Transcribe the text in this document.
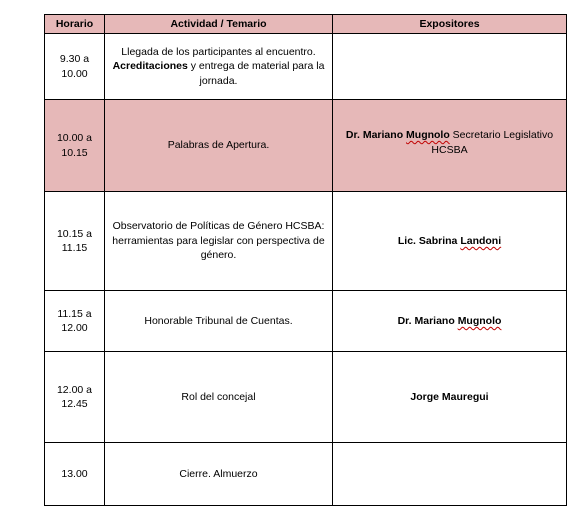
Horario	Actividad / Temario	Expositores
9.30 a 10.00	Llegada de los participantes al encuentro.
Acreditaciones y entrega de material para la jornada.	
10.00 a 10.15	Palabras de Apertura.	Dr. Mariano Mugnolo Secretario Legislativo HCSBA
10.15 a 11.15	Observatorio de Políticas de Género HCSBA: herramientas para legislar con perspectiva de género.	Lic. Sabrina Landoni
11.15 a 12.00	Honorable Tribunal de Cuentas.	Dr. Mariano Mugnolo
12.00 a 12.45	Rol del concejal	Jorge Mauregui
13.00	Cierre. Almuerzo	
